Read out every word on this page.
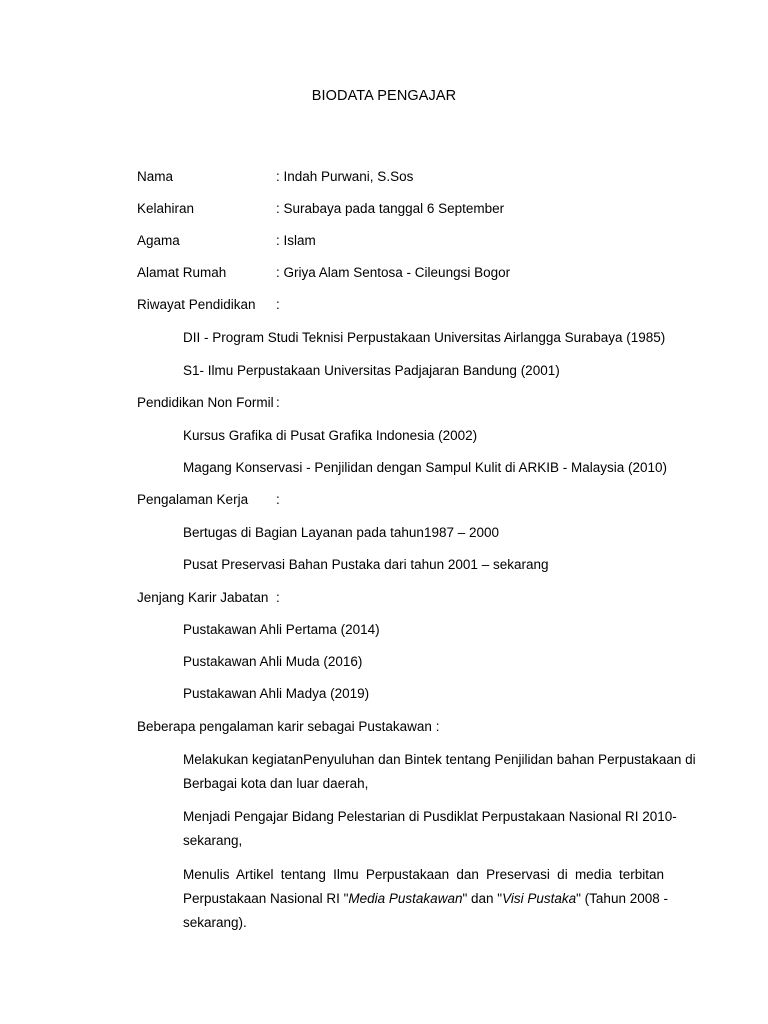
BIODATA PENGAJAR
Nama	: Indah Purwani, S.Sos
Kelahiran	: Surabaya pada tanggal 6 September
Agama	: Islam
Alamat Rumah	: Griya Alam Sentosa - Cileungsi Bogor
Riwayat Pendidikan :
DII - Program Studi Teknisi Perpustakaan Universitas Airlangga Surabaya (1985)
S1- Ilmu Perpustakaan Universitas Padjajaran Bandung (2001)
Pendidikan Non Formil :
Kursus Grafika di Pusat Grafika Indonesia (2002)
Magang Konservasi - Penjilidan dengan Sampul Kulit di ARKIB - Malaysia (2010)
Pengalaman Kerja :
Bertugas di Bagian Layanan pada tahun1987 – 2000
Pusat Preservasi Bahan Pustaka dari tahun 2001 – sekarang
Jenjang Karir Jabatan :
Pustakawan Ahli Pertama (2014)
Pustakawan Ahli Muda (2016)
Pustakawan Ahli Madya (2019)
Beberapa pengalaman karir sebagai Pustakawan :
Melakukan kegiatanPenyuluhan dan Bintek tentang Penjilidan bahan Perpustakaan di
Berbagai kota dan luar daerah,
Menjadi Pengajar Bidang Pelestarian di Pusdiklat Perpustakaan Nasional RI 2010-
sekarang,
Menulis Artikel tentang Ilmu Perpustakaan dan Preservasi di media terbitan
Perpustakaan Nasional RI "Media Pustakawan" dan "Visi Pustaka" (Tahun 2008 -
sekarang).
